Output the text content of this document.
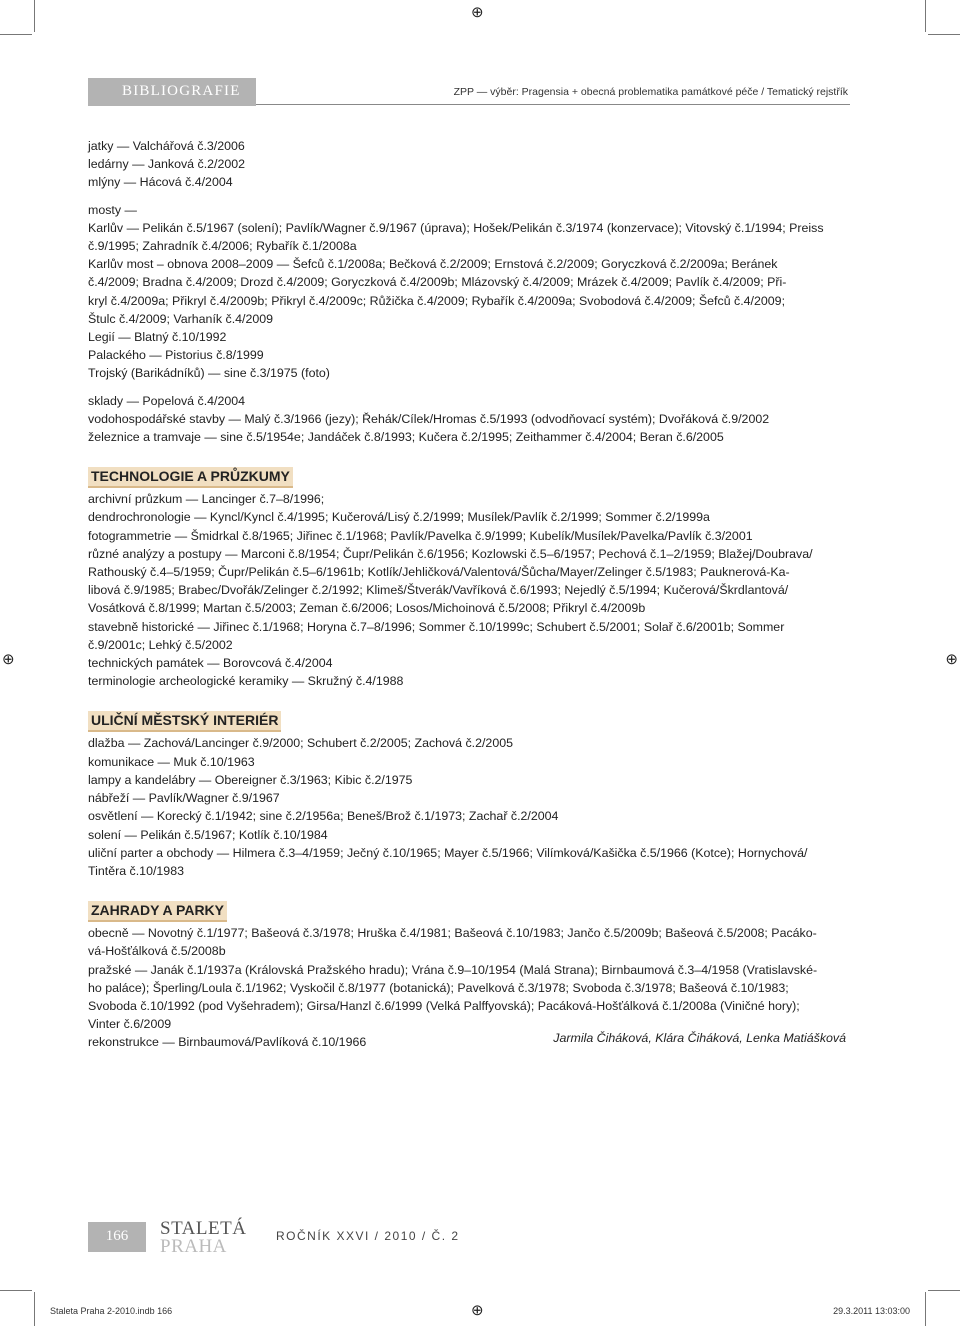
⊕
⊕	⊕
⊕
BIBLIOGRAFIE	ZPP — výběr: Pragensia + obecná problematika památkové péče / Tematický rejstřík
jatky — Valchářová č.3/2006
ledárny — Janková č.2/2002
mlýny — Hácová č.4/2004
mosty —
Karlův — Pelikán č.5/1967 (solení); Pavlík/Wagner č.9/1967 (úprava); Hošek/Pelikán č.3/1974 (konzervace); Vitovský č.1/1994; Preiss
č.9/1995; Zahradník č.4/2006; Rybařík č.1/2008a
Karlův most – obnova 2008–2009 — Šefců č.1/2008a; Bečková č.2/2009; Ernstová č.2/2009; Goryczková č.2/2009a; Beránek
č.4/2009; Bradna č.4/2009; Drozd č.4/2009; Goryczková č.4/2009b; Mlázovský č.4/2009; Mrázek č.4/2009; Pavlík č.4/2009; Při-
kryl č.4/2009a; Přikryl č.4/2009b; Přikryl č.4/2009c; Růžička č.4/2009; Rybařík č.4/2009a; Svobodová č.4/2009; Šefců č.4/2009;
Štulc č.4/2009; Varhaník č.4/2009
Legií — Blatný č.10/1992
Palackého — Pistorius č.8/1999
Trojský (Barikádníků) — sine č.3/1975 (foto)
sklady — Popelová č.4/2004
vodohospodářské stavby — Malý č.3/1966 (jezy); Řehák/Cílek/Hromas č.5/1993 (odvodňovací systém); Dvořáková č.9/2002
železnice a tramvaje — sine č.5/1954e; Jandáček č.8/1993; Kučera č.2/1995; Zeithammer č.4/2004; Beran č.6/2005
TECHNOLOGIE A PRŮZKUMY
archivní průzkum — Lancinger č.7–8/1996;
dendrochronologie — Kyncl/Kyncl č.4/1995; Kučerová/Lisý č.2/1999; Musílek/Pavlík č.2/1999; Sommer č.2/1999a
fotogrammetrie — Šmidrkal č.8/1965; Jiřinec č.1/1968; Pavlík/Pavelka č.9/1999; Kubelík/Musílek/Pavelka/Pavlík č.3/2001
různé analýzy a postupy — Marconi č.8/1954; Čupr/Pelikán č.6/1956; Kozlowski č.5–6/1957; Pechová č.1–2/1959; Blažej/Doubrava/
Rathouský č.4–5/1959; Čupr/Pelikán č.5–6/1961b; Kotlík/Jehličková/Valentová/Šůcha/Mayer/Zelinger č.5/1983; Pauknerová-Ka-
libová č.9/1985; Brabec/Dvořák/Zelinger č.2/1992; Klimeš/Štverák/Vavříková č.6/1993; Nejedlý č.5/1994; Kučerová/Škrdlantová/
Vosátková č.8/1999; Martan č.5/2003; Zeman č.6/2006; Losos/Michoinová č.5/2008; Přikryl č.4/2009b
stavebně historické — Jiřinec č.1/1968; Horyna č.7–8/1996; Sommer č.10/1999c; Schubert č.5/2001; Solař č.6/2001b; Sommer
č.9/2001c; Lehký č.5/2002
technických památek — Borovcová č.4/2004
terminologie archeologické keramiky — Skružný č.4/1988
ULIČNÍ MĚSTSKÝ INTERIÉR
dlažba — Zachová/Lancinger č.9/2000; Schubert č.2/2005; Zachová č.2/2005
komunikace — Muk č.10/1963
lampy a kandelábry — Obereigner č.3/1963; Kibic č.2/1975
nábřeží — Pavlík/Wagner č.9/1967
osvětlení — Korecký č.1/1942; sine č.2/1956a; Beneš/Brož č.1/1973; Zachař č.2/2004
solení — Pelikán č.5/1967; Kotlík č.10/1984
uliční parter a obchody — Hilmera č.3–4/1959; Ječný č.10/1965; Mayer č.5/1966; Vilímková/Kašička č.5/1966 (Kotce); Hornychová/
Tintěra č.10/1983
ZAHRADY A PARKY
obecně — Novotný č.1/1977; Bašeová č.3/1978; Hruška č.4/1981; Bašeová č.10/1983; Jančo č.5/2009b; Bašeová č.5/2008; Pacáko-
vá-Hošťálková č.5/2008b
pražské — Janák č.1/1937a (Královská Pražského hradu); Vrána č.9–10/1954 (Malá Strana); Birnbaumová č.3–4/1958 (Vratislavské-
ho paláce); Šperling/Loula č.1/1962; Vyskočil č.8/1977 (botanická); Pavelková č.3/1978; Svoboda č.3/1978; Bašeová č.10/1983;
Svoboda č.10/1992 (pod Vyšehradem); Girsa/Hanzl č.6/1999 (Velká Palffyovská); Pacáková-Hošťálková č.1/2008a (Viničné hory);
Vinter č.6/2009
rekonstrukce — Birnbaumová/Pavlíková č.10/1966	Jarmila Čiháková, Klára Čiháková, Lenka Matiášková
166	STALETÁ
PRAHA	ROČNÍK XXVI / 2010 / Č. 2
Staleta Praha 2-2010.indb 166	29.3.2011 13:03:00
